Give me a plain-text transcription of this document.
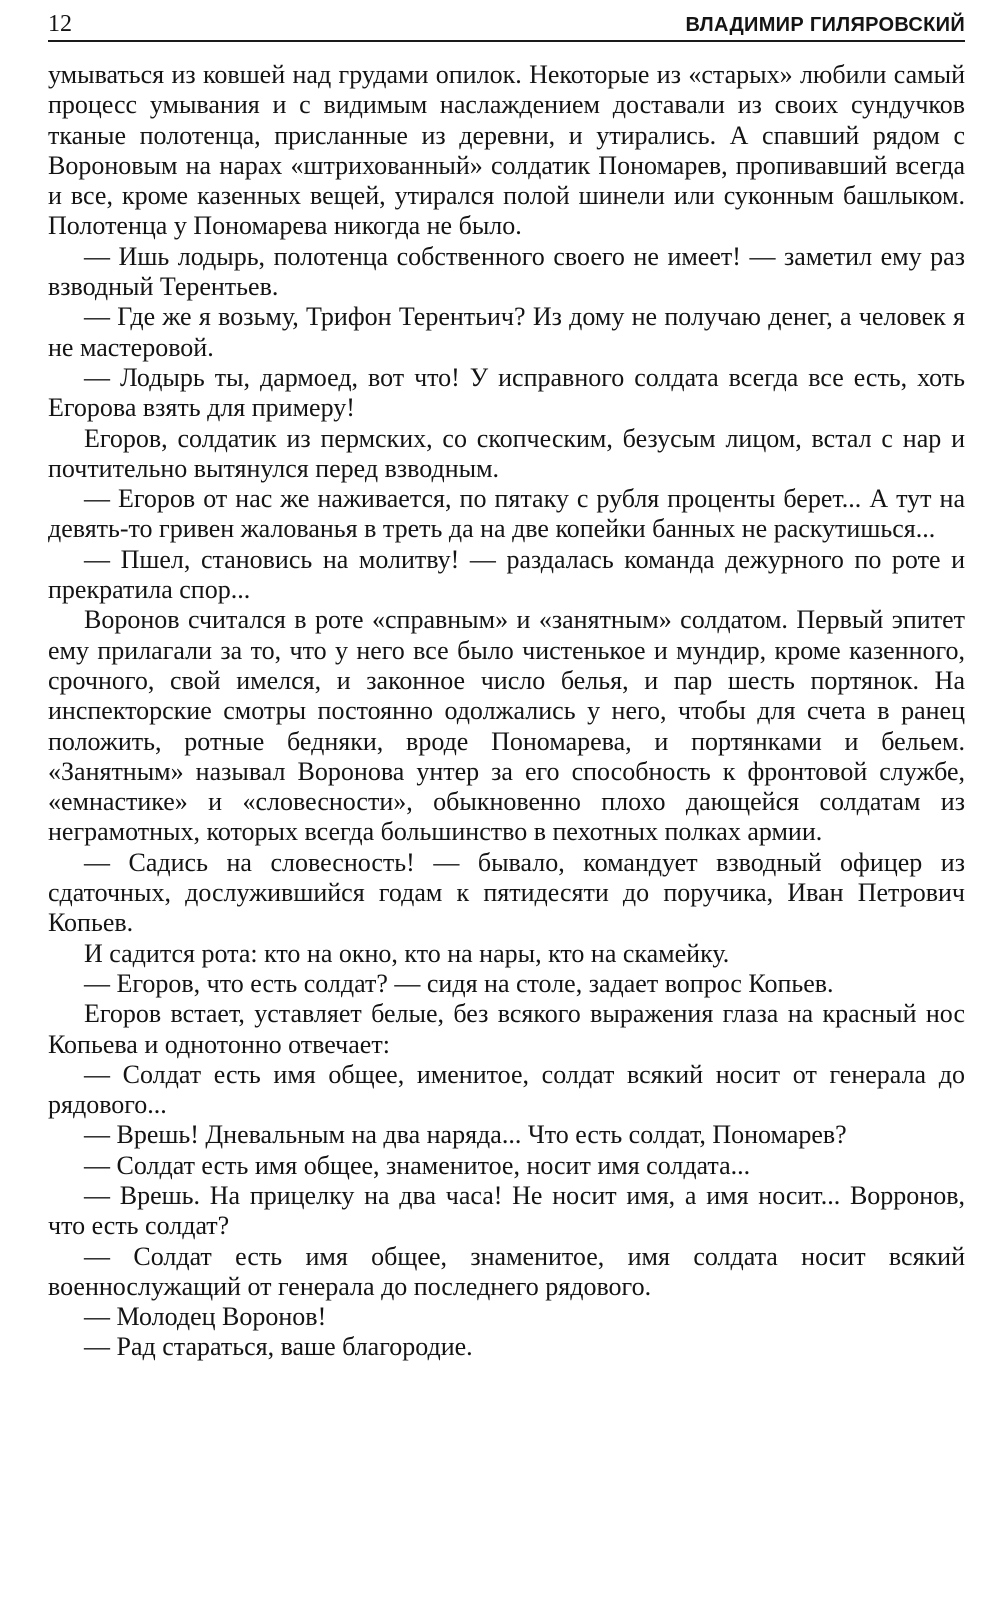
12	ВЛАДИМИР ГИЛЯРОВСКИЙ

умываться из ковшей над грудами опилок. Некоторые из «старых» любили самый процесс умывания и с видимым наслаждением доставали из своих сундучков тканые полотенца, присланные из деревни, и утирались. А спавший рядом с Вороновым на нарах «штрихованный» солдатик Пономарев, пропивавший всегда и все, кроме казенных вещей, утирался полой шинели или суконным башлыком. Полотенца у Пономарева никогда не было.

— Ишь лодырь, полотенца собственного своего не имеет! — заметил ему раз взводный Терентьев.

— Где же я возьму, Трифон Терентьич? Из дому не получаю денег, а человек я не мастеровой.

— Лодырь ты, дармоед, вот что! У исправного солдата всегда все есть, хоть Егорова взять для примеру!

Егоров, солдатик из пермских, со скопческим, безусым лицом, встал с нар и почтительно вытянулся перед взводным.

— Егоров от нас же наживается, по пятаку с рубля проценты берет... А тут на девять-то гривен жалованья в треть да на две копейки банных не раскутишься...

— Пшел, становись на молитву! — раздалась команда дежурного по роте и прекратила спор...

Воронов считался в роте «справным» и «занятным» солдатом. Первый эпитет ему прилагали за то, что у него все было чистенькое и мундир, кроме казенного, срочного, свой имелся, и законное число белья, и пар шесть портянок. На инспекторские смотры постоянно одолжались у него, чтобы для счета в ранец положить, ротные бедняки, вроде Пономарева, и портянками и бельем. «Занятным» называл Воронова унтер за его способность к фронтовой службе, «емнастике» и «словесности», обыкновенно плохо дающейся солдатам из неграмотных, которых всегда большинство в пехотных полках армии.

— Садись на словесность! — бывало, командует взводный офицер из сдаточных, дослужившийся годам к пятидесяти до поручика, Иван Петрович Копьев.

И садится рота: кто на окно, кто на нары, кто на скамейку.

— Егоров, что есть солдат? — сидя на столе, задает вопрос Копьев.

Егоров встает, уставляет белые, без всякого выражения глаза на красный нос Копьева и однотонно отвечает:

— Солдат есть имя общее, именитое, солдат всякий носит от генерала до рядового...

— Врешь! Дневальным на два наряда... Что есть солдат, Пономарев?

— Солдат есть имя общее, знаменитое, носит имя солдата...

— Врешь. На прицелку на два часа! Не носит имя, а имя носит... Ворронов, что есть солдат?

— Солдат есть имя общее, знаменитое, имя солдата носит всякий военнослужащий от генерала до последнего рядового.

— Молодец Воронов!

— Рад стараться, ваше благородие.
